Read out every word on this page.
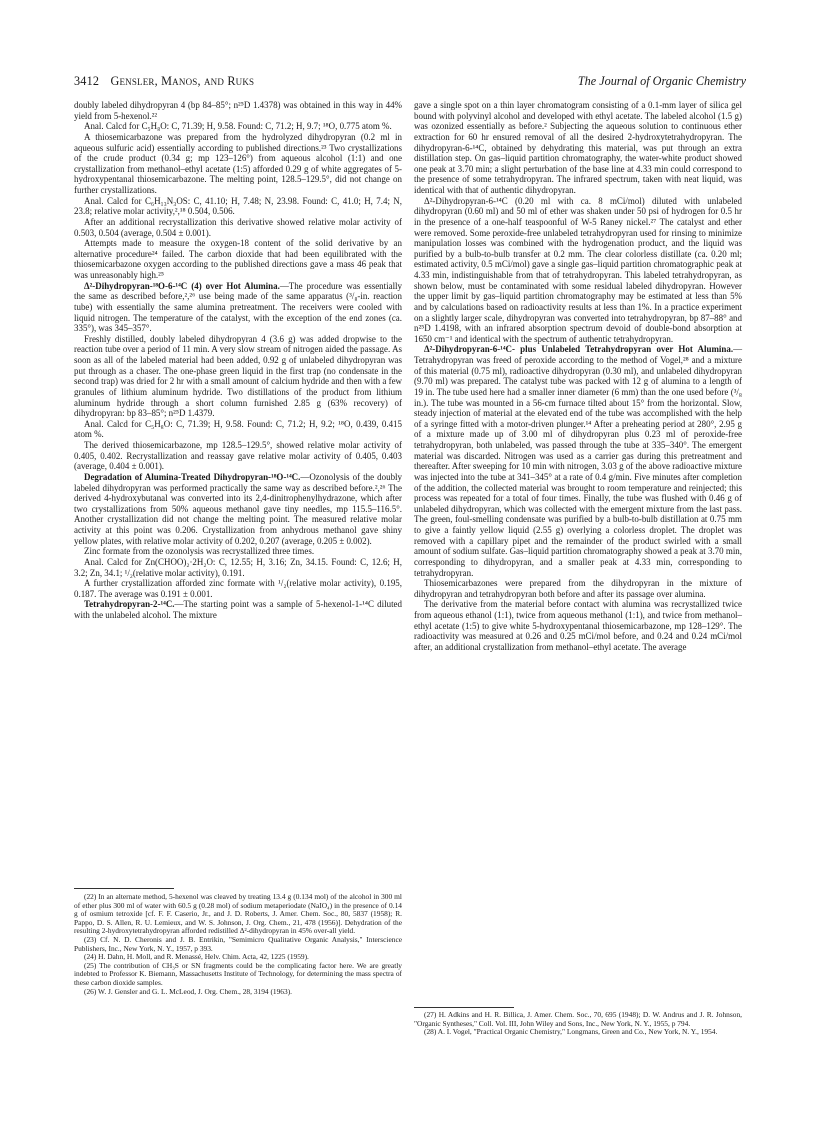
3412 Gensler, Manos, and Ruks	The Journal of Organic Chemistry

doubly labeled dihydropyran 4 (bp 84–85°; n²⁵D 1.4378) was obtained in this way in 44% yield from 5-hexenol.²²

Anal. Calcd for C₅H₈O: C, 71.39; H, 9.58. Found: C, 71.2; H, 9.7; ¹⁸O, 0.775 atom %.

A thiosemicarbazone was prepared from the hydrolyzed dihydropyran (0.2 ml in aqueous sulfuric acid) essentially according to published directions.²³ Two crystallizations of the crude product (0.34 g; mp 123–126°) from aqueous alcohol (1:1) and one crystallization from methanol–ethyl acetate (1:5) afforded 0.29 g of white aggregates of 5-hydroxypentanal thiosemicarbazone. The melting point, 128.5–129.5°, did not change on further crystallizations.

Anal. Calcd for C₆H₁₃N₃OS: C, 41.10; H, 7.48; N, 23.98. Found: C, 41.0; H, 7.4; N, 23.8; relative molar activity,²,¹⁸ 0.504, 0.506.

After an additional recrystallization this derivative showed relative molar activity of 0.503, 0.504 (average, 0.504 ± 0.001).

Attempts made to measure the oxygen-18 content of the solid derivative by an alternative procedure²⁴ failed. The carbon dioxide that had been equilibrated with the thiosemicarbazone oxygen according to the published directions gave a mass 46 peak that was unreasonably high.²⁵

Δ²-Dihydropyran-¹⁸O-6-¹⁴C (4) over Hot Alumina.—The procedure was essentially the same as described before,²,²⁶ use being made of the same apparatus (³/₈-in. reaction tube) with essentially the same alumina pretreatment. The receivers were cooled with liquid nitrogen. The temperature of the catalyst, with the exception of the end zones (ca. 335°), was 345–357°.

Freshly distilled, doubly labeled dihydropyran 4 (3.6 g) was added dropwise to the reaction tube over a period of 11 min. A very slow stream of nitrogen aided the passage. As soon as all of the labeled material had been added, 0.92 g of unlabeled dihydropyran was put through as a chaser. The one-phase green liquid in the first trap (no condensate in the second trap) was dried for 2 hr with a small amount of calcium hydride and then with a few granules of lithium aluminum hydride. Two distillations of the product from lithium aluminum hydride through a short column furnished 2.85 g (63% recovery) of dihydropyran: bp 83–85°; n²⁵D 1.4379.

Anal. Calcd for C₅H₈O: C, 71.39; H, 9.58. Found: C, 71.2; H, 9.2; ¹⁸O, 0.439, 0.415 atom %.

The derived thiosemicarbazone, mp 128.5–129.5°, showed relative molar activity of 0.405, 0.402. Recrystallization and reassay gave relative molar activity of 0.405, 0.403 (average, 0.404 ± 0.001).

Degradation of Alumina-Treated Dihydropyran-¹⁸O-¹⁴C.—Ozonolysis of the doubly labeled dihydropyran was performed practically the same way as described before.²,²⁶ The derived 4-hydroxybutanal was converted into its 2,4-dinitrophenylhydrazone, which after two crystallizations from 50% aqueous methanol gave tiny needles, mp 115.5–116.5°. Another crystallization did not change the melting point. The measured relative molar activity at this point was 0.206. Crystallization from anhydrous methanol gave shiny yellow plates, with relative molar activity of 0.202, 0.207 (average, 0.205 ± 0.002).

Zinc formate from the ozonolysis was recrystallized three times.

Anal. Calcd for Zn(CHOO)₂·2H₂O: C, 12.55; H, 3.16; Zn, 34.15. Found: C, 12.6; H, 3.2; Zn, 34.1; ¹/₂(relative molar activity), 0.191.

A further crystallization afforded zinc formate with ¹/₂(relative molar activity), 0.195, 0.187. The average was 0.191 ± 0.001.

Tetrahydropyran-2-¹⁴C.—The starting point was a sample of 5-hexenol-1-¹⁴C diluted with the unlabeled alcohol. The mixture

gave a single spot on a thin layer chromatogram consisting of a 0.1-mm layer of silica gel bound with polyvinyl alcohol and developed with ethyl acetate. The labeled alcohol (1.5 g) was ozonized essentially as before.² Subjecting the aqueous solution to continuous ether extraction for 60 hr ensured removal of all the desired 2-hydroxytetrahydropyran. The dihydropyran-6-¹⁴C, obtained by dehydrating this material, was put through an extra distillation step. On gas–liquid partition chromatography, the water-white product showed one peak at 3.70 min; a slight perturbation of the base line at 4.33 min could correspond to the presence of some tetrahydropyran. The infrared spectrum, taken with neat liquid, was identical with that of authentic dihydropyran.

Δ²-Dihydropyran-6-¹⁴C (0.20 ml with ca. 8 mCi/mol) diluted with unlabeled dihydropyran (0.60 ml) and 50 ml of ether was shaken under 50 psi of hydrogen for 0.5 hr in the presence of a one-half teaspoonful of W-5 Raney nickel.²⁷ The catalyst and ether were removed. Some peroxide-free unlabeled tetrahydropyran used for rinsing to minimize manipulation losses was combined with the hydrogenation product, and the liquid was purified by a bulb-to-bulb transfer at 0.2 mm. The clear colorless distillate (ca. 0.20 ml; estimated activity, 0.5 mCi/mol) gave a single gas–liquid partition chromatographic peak at 4.33 min, indistinguishable from that of tetrahydropyran. This labeled tetrahydropyran, as shown below, must be contaminated with some residual labeled dihydropyran. However the upper limit by gas–liquid partition chromatography may be estimated at less than 5% and by calculations based on radioactivity results at less than 1%. In a practice experiment on a slightly larger scale, dihydropyran was converted into tetrahydropyran, bp 87–88° and n²⁵D 1.4198, with an infrared absorption spectrum devoid of double-bond absorption at 1650 cm⁻¹ and identical with the spectrum of authentic tetrahydropyran.

Δ²-Dihydropyran-6-¹⁴C- plus Unlabeled Tetrahydropyran over Hot Alumina.—Tetrahydropyran was freed of peroxide according to the method of Vogel,²⁸ and a mixture of this material (0.75 ml), radioactive dihydropyran (0.30 ml), and unlabeled dihydropyran (9.70 ml) was prepared. The catalyst tube was packed with 12 g of alumina to a length of 19 in. The tube used here had a smaller inner diameter (6 mm) than the one used before (³/₈ in.). The tube was mounted in a 56-cm furnace tilted about 15° from the horizontal. Slow, steady injection of material at the elevated end of the tube was accomplished with the help of a syringe fitted with a motor-driven plunger.¹⁴ After a preheating period at 280°, 2.95 g of a mixture made up of 3.00 ml of dihydropyran plus 0.23 ml of peroxide-free tetrahydropyran, both unlabeled, was passed through the tube at 335–340°. The emergent material was discarded. Nitrogen was used as a carrier gas during this pretreatment and thereafter. After sweeping for 10 min with nitrogen, 3.03 g of the above radioactive mixture was injected into the tube at 341–345° at a rate of 0.4 g/min. Five minutes after completion of the addition, the collected material was brought to room temperature and reinjected; this process was repeated for a total of four times. Finally, the tube was flushed with 0.46 g of unlabeled dihydropyran, which was collected with the emergent mixture from the last pass. The green, foul-smelling condensate was purified by a bulb-to-bulb distillation at 0.75 mm to give a faintly yellow liquid (2.55 g) overlying a colorless droplet. The droplet was removed with a capillary pipet and the remainder of the product swirled with a small amount of sodium sulfate. Gas–liquid partition chromatography showed a peak at 3.70 min, corresponding to dihydropyran, and a smaller peak at 4.33 min, corresponding to tetrahydropyran.

Thiosemicarbazones were prepared from the dihydropyran in the mixture of dihydropyran and tetrahydropyran both before and after its passage over alumina.

The derivative from the material before contact with alumina was recrystallized twice from aqueous ethanol (1:1), twice from aqueous methanol (1:1), and twice from methanol–ethyl acetate (1:5) to give white 5-hydroxypentanal thiosemicarbazone, mp 128–129°. The radioactivity was measured at 0.26 and 0.25 mCi/mol before, and 0.24 and 0.24 mCi/mol after, an additional crystallization from methanol–ethyl acetate. The average

(22) In an alternate method, 5-hexenol was cleaved by treating 13.4 g (0.134 mol) of the alcohol in 300 ml of ether plus 300 ml of water with 60.5 g (0.28 mol) of sodium metaperiodate (NaIO₄) in the presence of 0.14 g of osmium tetroxide [cf. F. F. Caserio, Jr., and J. D. Roberts, J. Amer. Chem. Soc., 80, 5837 (1958); R. Pappo, D. S. Allen, R. U. Lemieux, and W. S. Johnson, J. Org. Chem., 21, 478 (1956)]. Dehydration of the resulting 2-hydroxytetrahydropyran afforded redistilled Δ²-dihydropyran in 45% over-all yield.

(23) Cf. N. D. Cheronis and J. B. Entrikin, "Semimicro Qualitative Organic Analysis," Interscience Publishers, Inc., New York, N. Y., 1957, p 393.

(24) H. Dahn, H. Moll, and R. Menassé, Helv. Chim. Acta, 42, 1225 (1959).

(25) The contribution of CH₃S or SN fragments could be the complicating factor here. We are greatly indebted to Professor K. Biemann, Massachusetts Institute of Technology, for determining the mass spectra of these carbon dioxide samples.

(26) W. J. Gensler and G. L. McLeod, J. Org. Chem., 28, 3194 (1963).

(27) H. Adkins and H. R. Billica, J. Amer. Chem. Soc., 70, 695 (1948); D. W. Andrus and J. R. Johnson, "Organic Syntheses," Coll. Vol. III, John Wiley and Sons, Inc., New York, N. Y., 1955, p 794.

(28) A. I. Vogel, "Practical Organic Chemistry," Longmans, Green and Co., New York, N. Y., 1954.
